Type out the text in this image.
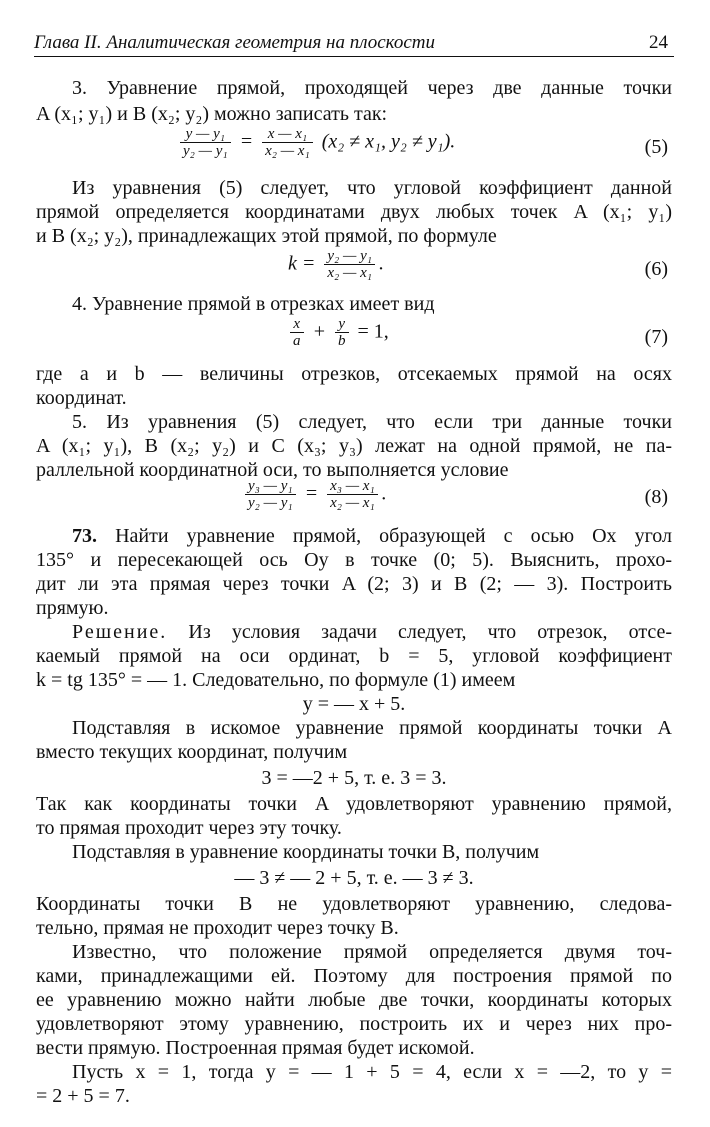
Глава II. Аналитическая геометрия на плоскости	24
3. Уравнение прямой, проходящей через две данные точки
A (x₁; y₁) и B (x₂; y₂) можно записать так:
$\frac{\text{y — y₁}}{\text{y₂ — y₁}} = \frac{\text{x — x₁}}{\text{x₂ — x₁}} (x_2 \ne x_1$, y₂ ≠ y₁).	(5)
Из уравнения (5) следует, что угловой коэффициент данной
прямой определяется координатами двух любых точек A (x₁; y₁)
и B (x₂; y₂), принадлежащих этой прямой, по формуле
$k = \frac{\text{y₂ — y₁}}{\text{x₂ — x₁}}$ .	(6)
4. Уравнение прямой в отрезках имеет вид
$\frac{x}{a} + \frac{y}{b} = 1$,	(7)
где a и b — величины отрезков, отсекаемых прямой на осях
координат.
5. Из уравнения (5) следует, что если три данные точки
A (x₁; y₁), B (x₂; y₂) и C (x₃; y₃) лежат на одной прямой, не па-
раллельной координатной оси, то выполняется условие
$\frac{\text{y₃ — y₁}}{\text{y₂ — y₁}} = \frac{\text{x₃ — x₁}}{\text{x₂ — x₁}}$ .	(8)
73. Найти уравнение прямой, образующей с осью Ox угол
135° и пересекающей ось Oy в точке (0; 5). Выяснить, прохо-
дит ли эта прямая через точки A (2; 3) и B (2; — 3). Построить
прямую.
Решение. Из условия задачи следует, что отрезок, отсе-
каемый прямой на оси ординат, b = 5, угловой коэффициент
k = tg 135° = — 1. Следовательно, по формуле (1) имеем
y = — x + 5.
Подставляя в искомое уравнение прямой координаты точки A
вместо текущих координат, получим
3 = —2 + 5, т. е. 3 = 3.
Так как координаты точки A удовлетворяют уравнению прямой,
то прямая проходит через эту точку.
Подставляя в уравнение координаты точки B, получим
— 3 ≠ — 2 + 5, т. е. — 3 ≠ 3.
Координаты точки B не удовлетворяют уравнению, следова-
тельно, прямая не проходит через точку B.
Известно, что положение прямой определяется двумя точ-
ками, принадлежащими ей. Поэтому для построения прямой по
ее уравнению можно найти любые две точки, координаты которых
удовлетворяют этому уравнению, построить их и через них про-
вести прямую. Построенная прямая будет искомой.
Пусть x = 1, тогда y = — 1 + 5 = 4, если x = —2, то y =
= 2 + 5 = 7.
